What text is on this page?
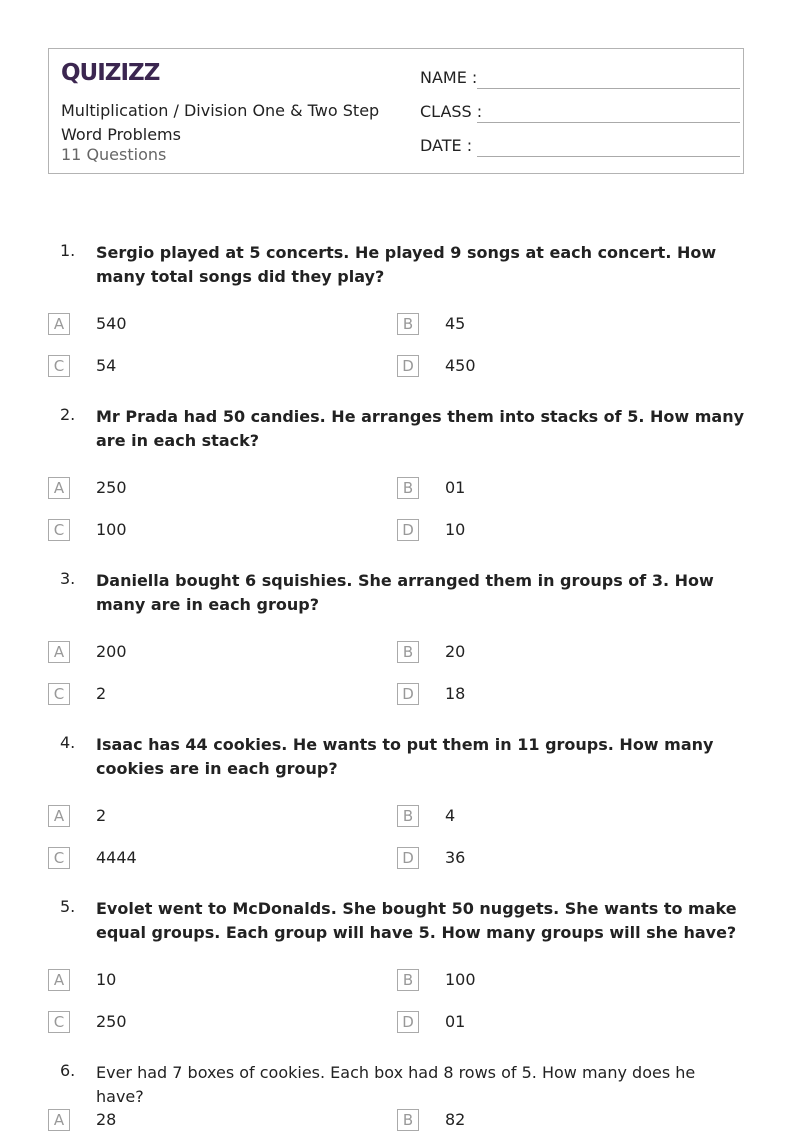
QUIZIZZ
Multiplication / Division One & Two Step Word Problems
11 Questions
NAME :
CLASS :
DATE :
1. Sergio played at 5 concerts. He played 9 songs at each concert. How many total songs did they play?
A	540	B	45
C	54	D	450
2. Mr Prada had 50 candies. He arranges them into stacks of 5. How many are in each stack?
A	250	B	01
C	100	D	10
3. Daniella bought 6 squishies. She arranged them in groups of 3. How many are in each group?
A	200	B	20
C	2	D	18
4. Isaac has 44 cookies. He wants to put them in 11 groups. How many cookies are in each group?
A	2	B	4
C	4444	D	36
5. Evolet went to McDonalds. She bought 50 nuggets. She wants to make equal groups. Each group will have 5. How many groups will she have?
A	10	B	100
C	250	D	01
6. Ever had 7 boxes of cookies. Each box had 8 rows of 5. How many does he have?
A	28	B	82
